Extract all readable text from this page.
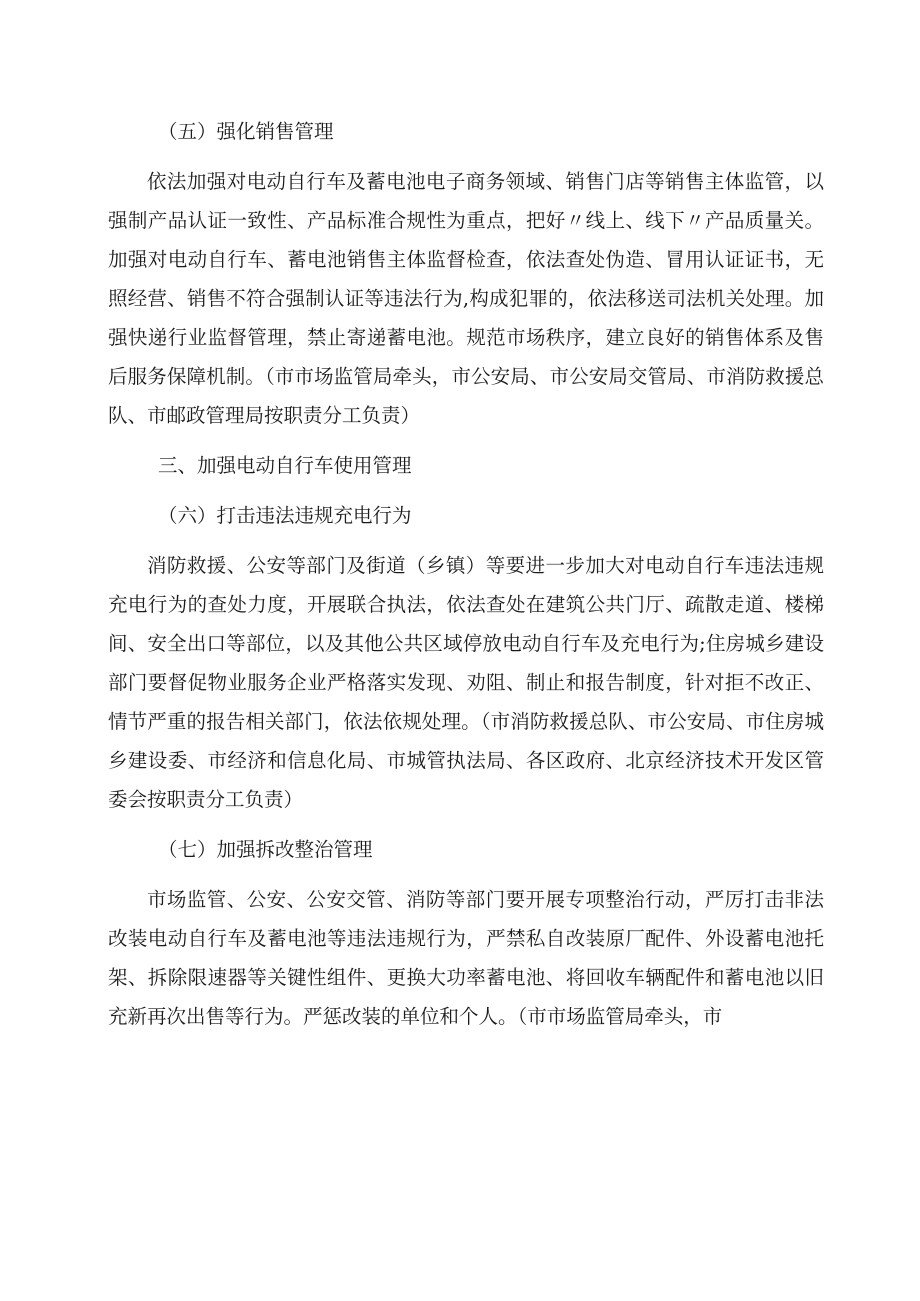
（五）强化销售管理

依法加强对电动自行车及蓄电池电子商务领域、销售门店等销售主体监管，以强制产品认证一致性、产品标准合规性为重点，把好〃线上、线下〃产品质量关。加强对电动自行车、蓄电池销售主体监督检查，依法查处伪造、冒用认证证书，无照经营、销售不符合强制认证等违法行为,构成犯罪的，依法移送司法机关处理。加强快递行业监督管理，禁止寄递蓄电池。规范市场秩序，建立良好的销售体系及售后服务保障机制。（市市场监管局牵头，市公安局、市公安局交管局、市消防救援总队、市邮政管理局按职责分工负责）

三、加强电动自行车使用管理

（六）打击违法违规充电行为

消防救援、公安等部门及街道（乡镇）等要进一步加大对电动自行车违法违规充电行为的查处力度，开展联合执法，依法查处在建筑公共门厅、疏散走道、楼梯间、安全出口等部位，以及其他公共区域停放电动自行车及充电行为;住房城乡建设部门要督促物业服务企业严格落实发现、劝阻、制止和报告制度，针对拒不改正、情节严重的报告相关部门，依法依规处理。（市消防救援总队、市公安局、市住房城乡建设委、市经济和信息化局、市城管执法局、各区政府、北京经济技术开发区管委会按职责分工负责）

（七）加强拆改整治管理

市场监管、公安、公安交管、消防等部门要开展专项整治行动，严厉打击非法改装电动自行车及蓄电池等违法违规行为，严禁私自改装原厂配件、外设蓄电池托架、拆除限速器等关键性组件、更换大功率蓄电池、将回收车辆配件和蓄电池以旧充新再次出售等行为。严惩改装的单位和个人。（市市场监管局牵头，市
